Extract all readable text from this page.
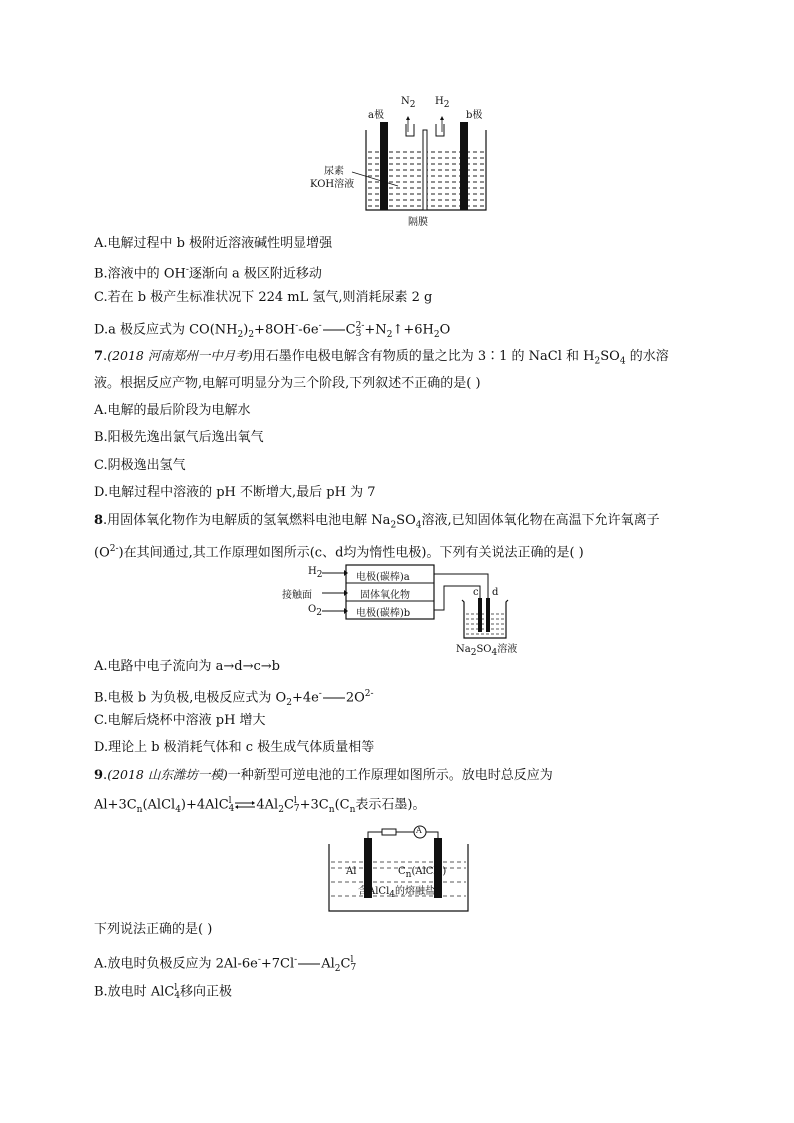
a极	b极
$N_2$ $H_2$
尿素
KOH溶液
隔膜
A.电解过程中 b 极附近溶液碱性明显增强
B.溶液中的 OH-逐渐向 a 极区附近移动
C.若在 b 极产生标准状况下 224 mL 氢气,则消耗尿素 2 g
D.a 极反应式为 $CO(NH_2)_2+8OH^--6e^-$ C 2-
$3 +N_2↑+6H_2O$
7.(2018 河南郑州一中月考)用石墨作电极电解含有物质的量之比为 3∶1 的 NaCl 和 $H_2SO_4$ 的水溶
液。根据反应产物,电解可明显分为三个阶段,下列叙述不正确的是( )
A.电解的最后阶段为电解水
B.阳极先逸出氯气后逸出氧气
C.阴极逸出氢气
D.电解过程中溶液的 pH 不断增大,最后 pH 为 7
8.用固体氧化物作为电解质的氢氧燃料电池电解 $Na_2SO_4$溶液,已知固体氧化物在高温下允许氧离子
$(O^{2-})$在其间通过,其工作原理如图所示(c、d均为惰性电极)。下列有关说法正确的是( )
$H_2$
接触面
$O_2$
电极(碳棒)a
固体氧化物
电极(碳棒)b
c d
$Na_2SO_4$溶液
A.电路中电子流向为 a→d→c→b
B.电极 b 为负极,电极反应式为 $O_2+4e^-$ $2O^{2-}$
C.电解后烧杯中溶液 pH 增大
D.理论上 b 极消耗气体和 c 极生成气体质量相等
9.(2018 山东潍坊一模)一种新型可逆电池的工作原理如图所示。放电时总反应为
$Al+3C_n(AlCl_4)+4AlC$ l
4 $\rightleftharpoons 4Al_2C$ l
$7 +3C_n(C_n$表示石墨)。
A
Al	$C_n(AlCl_4)$
含AlCl$_4$的熔融盐
下列说法正确的是( )
A.放电时负极反应为 2Al-6e-+7Cl- $Al_2C$ l
7
B.放电时 AlC l
4 移向正极
